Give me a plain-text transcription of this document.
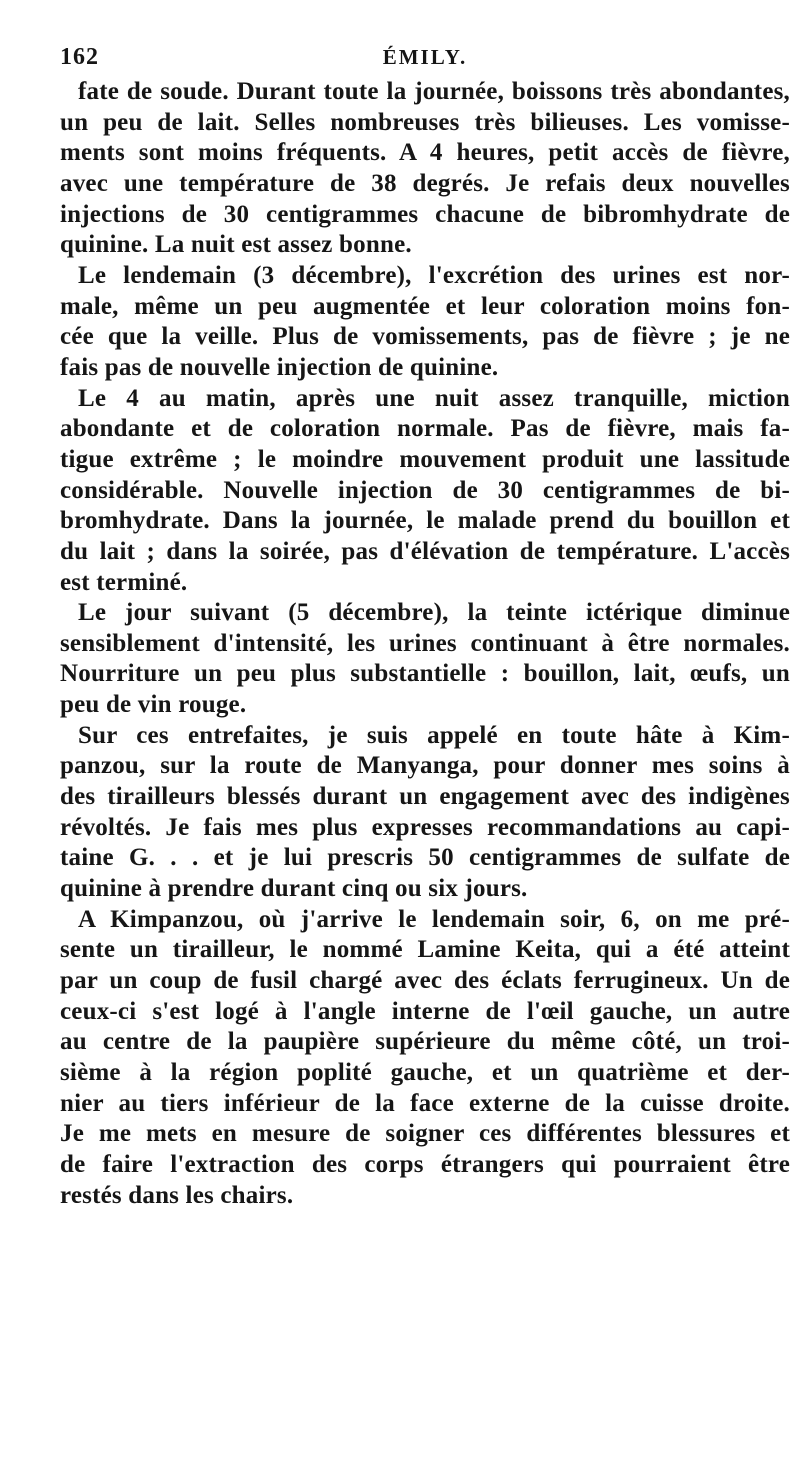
162	ÉMILY.
fate de soude. Durant toute la journée, boissons très abondantes,
un peu de lait. Selles nombreuses très bilieuses. Les vomisse-
ments sont moins fréquents. A 4 heures, petit accès de fièvre,
avec une température de 38 degrés. Je refais deux nouvelles
injections de 30 centigrammes chacune de bibromhydrate de
quinine. La nuit est assez bonne.
Le lendemain (3 décembre), l'excrétion des urines est nor-
male, même un peu augmentée et leur coloration moins fon-
cée que la veille. Plus de vomissements, pas de fièvre ; je ne
fais pas de nouvelle injection de quinine.
Le 4 au matin, après une nuit assez tranquille, miction
abondante et de coloration normale. Pas de fièvre, mais fa-
tigue extrême ; le moindre mouvement produit une lassitude
considérable. Nouvelle injection de 30 centigrammes de bi-
bromhydrate. Dans la journée, le malade prend du bouillon et
du lait ; dans la soirée, pas d'élévation de température. L'accès
est terminé.
Le jour suivant (5 décembre), la teinte ictérique diminue
sensiblement d'intensité, les urines continuant à être normales.
Nourriture un peu plus substantielle : bouillon, lait, œufs, un
peu de vin rouge.
Sur ces entrefaites, je suis appelé en toute hâte à Kim-
panzou, sur la route de Manyanga, pour donner mes soins à
des tirailleurs blessés durant un engagement avec des indigènes
révoltés. Je fais mes plus expresses recommandations au capi-
taine G. . . et je lui prescris 50 centigrammes de sulfate de
quinine à prendre durant cinq ou six jours.
A Kimpanzou, où j'arrive le lendemain soir, 6, on me pré-
sente un tirailleur, le nommé Lamine Keita, qui a été atteint
par un coup de fusil chargé avec des éclats ferrugineux. Un de
ceux-ci s'est logé à l'angle interne de l'œil gauche, un autre
au centre de la paupière supérieure du même côté, un troi-
sième à la région poplité gauche, et un quatrième et der-
nier au tiers inférieur de la face externe de la cuisse droite.
Je me mets en mesure de soigner ces différentes blessures et
de faire l'extraction des corps étrangers qui pourraient être
restés dans les chairs.
